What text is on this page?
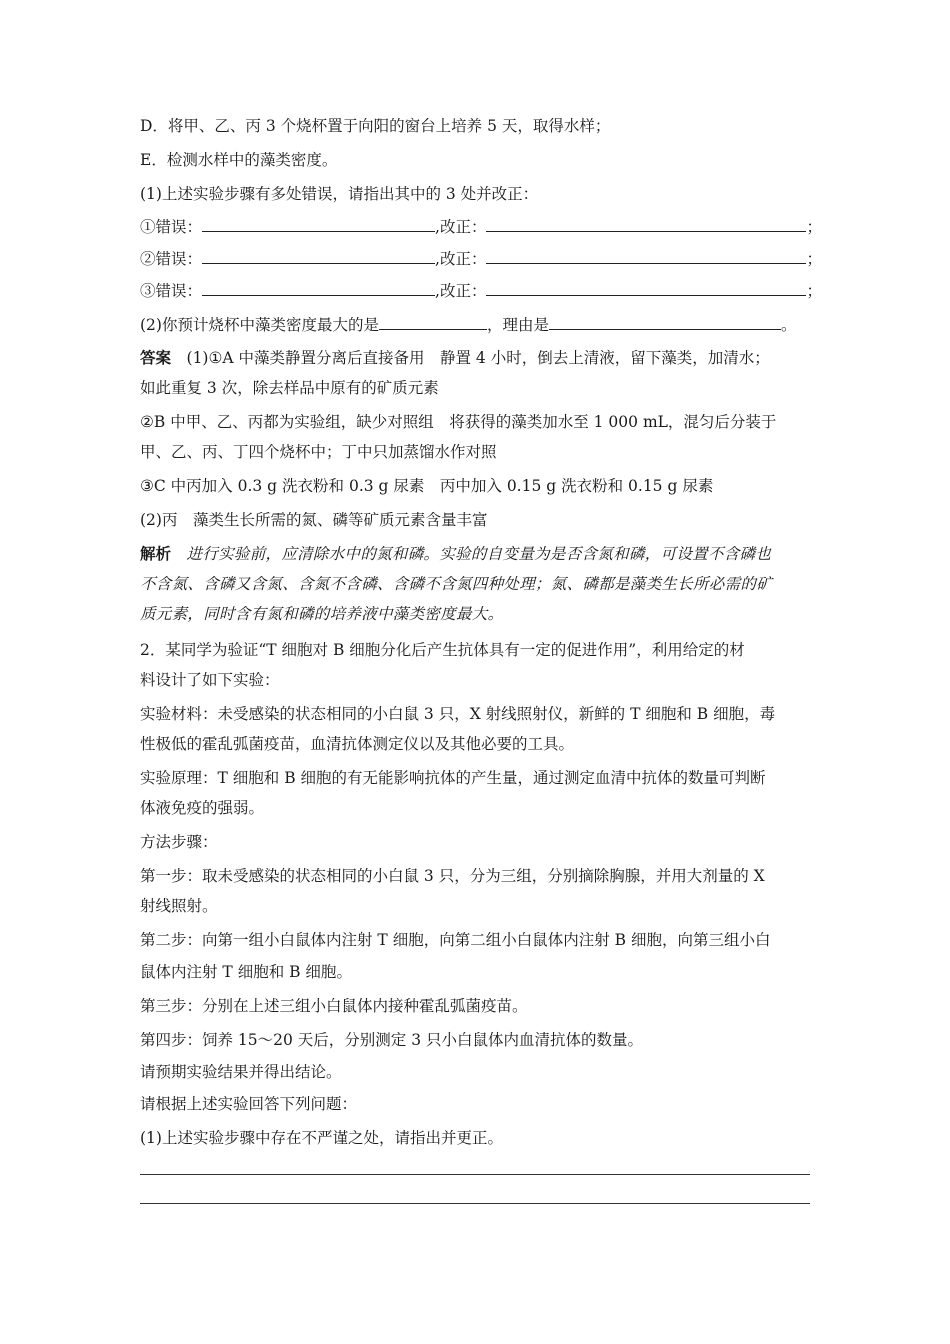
D．将甲、乙、丙 3 个烧杯置于向阳的窗台上培养 5 天，取得水样；
E．检测水样中的藻类密度。
(1)上述实验步骤有多处错误，请指出其中的 3 处并改正：
①错误：	,改正：	；
②错误：	,改正：	；
③错误：	,改正：	；
(2)你预计烧杯中藻类密度最大的是	，理由是	。
答案  (1)①A 中藻类静置分离后直接备用　静置 4 小时，倒去上清液，留下藻类，加清水；
如此重复 3 次，除去样品中原有的矿质元素
②B 中甲、乙、丙都为实验组，缺少对照组　将获得的藻类加水至 1 000 mL，混匀后分装于
甲、乙、丙、丁四个烧杯中；丁中只加蒸馏水作对照
③C 中丙加入 0.3 g 洗衣粉和 0.3 g 尿素　丙中加入 0.15 g 洗衣粉和 0.15 g 尿素
(2)丙　藻类生长所需的氮、磷等矿质元素含量丰富
解析  进行实验前，应清除水中的氮和磷。实验的自变量为是否含氮和磷，可设置不含磷也
不含氮、含磷又含氮、含氮不含磷、含磷不含氮四种处理；氮、磷都是藻类生长所必需的矿
质元素，同时含有氮和磷的培养液中藻类密度最大。
2．某同学为验证“T 细胞对 B 细胞分化后产生抗体具有一定的促进作用”，利用给定的材
料设计了如下实验：
实验材料：未受感染的状态相同的小白鼠 3 只，X 射线照射仪，新鲜的 T 细胞和 B 细胞，毒
性极低的霍乱弧菌疫苗，血清抗体测定仪以及其他必要的工具。
实验原理：T 细胞和 B 细胞的有无能影响抗体的产生量，通过测定血清中抗体的数量可判断
体液免疫的强弱。
方法步骤：
第一步：取未受感染的状态相同的小白鼠 3 只，分为三组，分别摘除胸腺，并用大剂量的 X
射线照射。
第二步：向第一组小白鼠体内注射 T 细胞，向第二组小白鼠体内注射 B 细胞，向第三组小白
鼠体内注射 T 细胞和 B 细胞。
第三步：分别在上述三组小白鼠体内接种霍乱弧菌疫苗。
第四步：饲养 15～20 天后，分别测定 3 只小白鼠体内血清抗体的数量。
请预期实验结果并得出结论。
请根据上述实验回答下列问题：
(1)上述实验步骤中存在不严谨之处，请指出并更正。
